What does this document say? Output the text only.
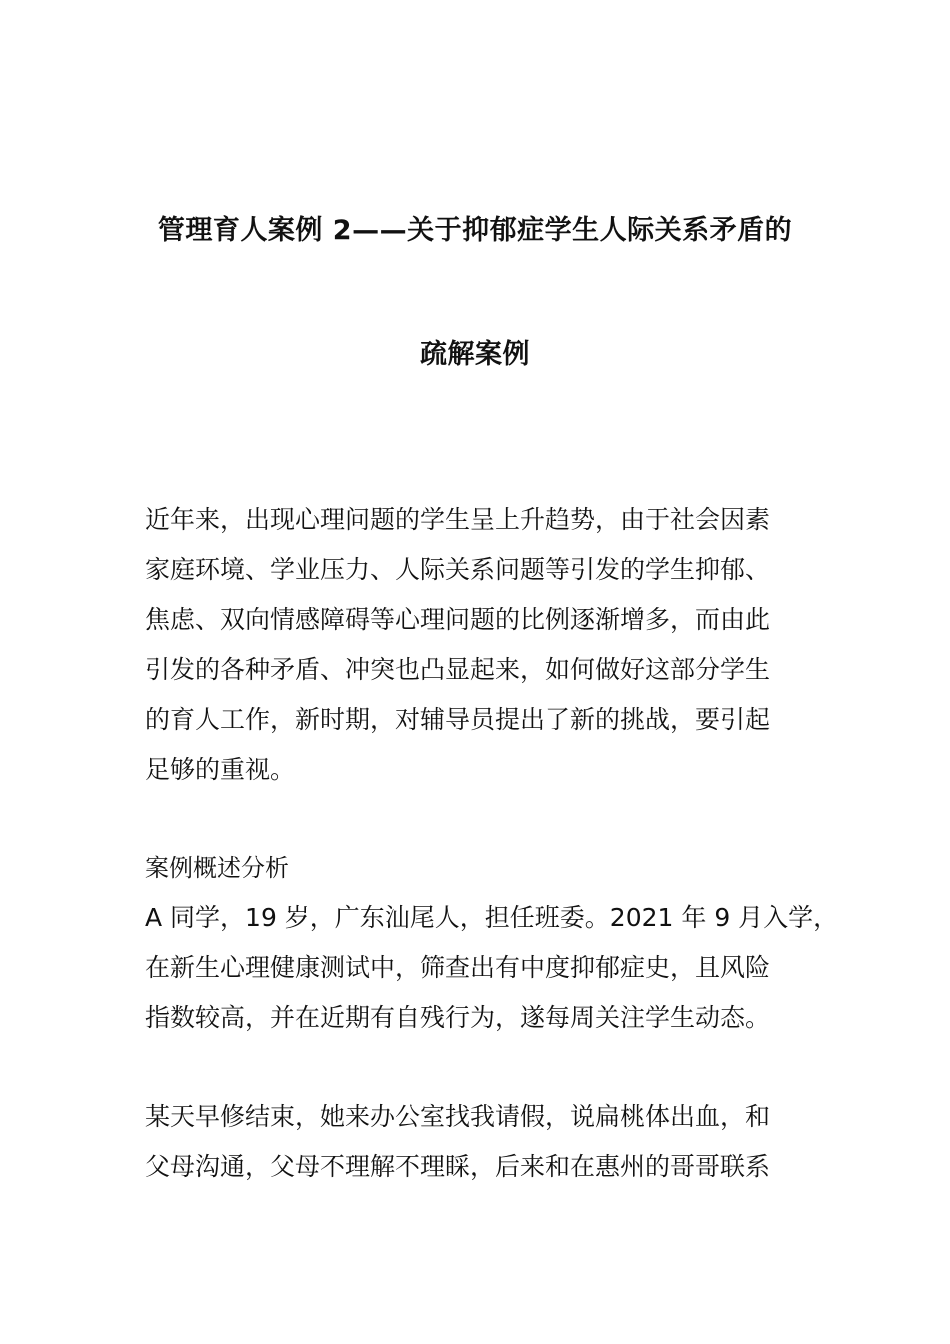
管理育人案例 2——关于抑郁症学生人际关系矛盾的
疏解案例
近年来，出现心理问题的学生呈上升趋势，由于社会因素
家庭环境、学业压力、人际关系问题等引发的学生抑郁、
焦虑、双向情感障碍等心理问题的比例逐渐增多，而由此
引发的各种矛盾、冲突也凸显起来，如何做好这部分学生
的育人工作，新时期，对辅导员提出了新的挑战，要引起
足够的重视。
案例概述分析
A 同学，19 岁，广东汕尾人，担任班委。2021 年 9 月入学，
在新生心理健康测试中，筛查出有中度抑郁症史，且风险
指数较高，并在近期有自残行为，遂每周关注学生动态。
某天早修结束，她来办公室找我请假，说扁桃体出血，和
父母沟通，父母不理解不理睬，后来和在惠州的哥哥联系
